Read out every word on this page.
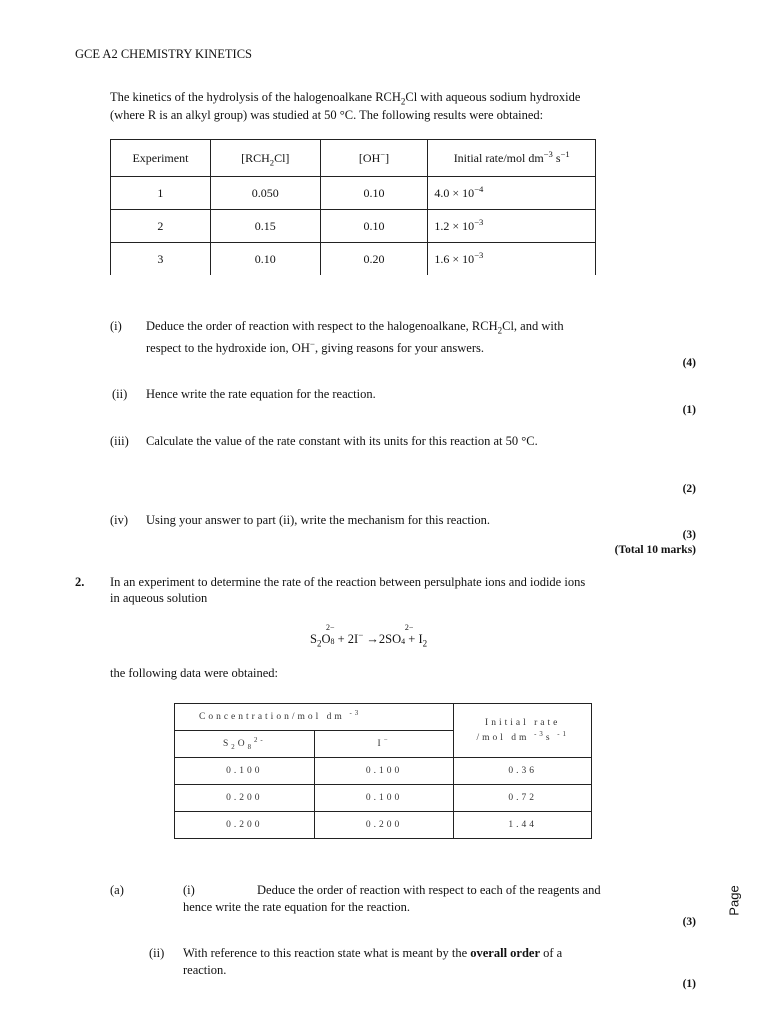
GCE A2 CHEMISTRY KINETICS
The kinetics of the hydrolysis of the halogenoalkane $RCH_2Cl$ with aqueous sodium hydroxide
(where R is an alkyl group) was studied at 50 °C. The following results were obtained:
Experiment	$[RCH_2Cl]$	[OH−]	Initial rate/mol $dm^{-3}$ $s^{-1}$
1	0.050	0.10	$4.0 \times 10^{-4}$
2	0.15	0.10	$1.2 \times 10^{-3}$
3	0.10	0.20	$1.6 \times 10^{-3}$
(i) Deduce the order of reaction with respect to the halogenoalkane, $RCH_2Cl$, and with
respect to the hydroxide ion, OH−, giving reasons for your answers.
(4)
(ii) Hence write the rate equation for the reaction.
(1)
(iii) Calculate the value of the rate constant with its units for this reaction at 50 °C.
(2)
(iv) Using your answer to part (ii), write the mechanism for this reaction.
(3)
(Total 10 marks)
2. In an experiment to determine the rate of the reaction between persulphate ions and iodide ions
in aqueous solution
$S_2O8$
2−
+ 2I− →2SO4
2−
+ $I_2$
the following data were obtained:
Concentration/mol dm $^{-3}$		Initial rate
/mol dm $^{-3}$s $^{-1}$
$S_2O_8^{2-}$	I−
0.100	0.100	0.36
0.200	0.100	0.72
0.200	0.200	1.44
(a)	(i)	Deduce the order of reaction with respect to each of the reagents and
hence write the rate equation for the reaction.
(3)
(ii) With reference to this reaction state what is meant by the overall order of a
reaction.
(1)
Page
